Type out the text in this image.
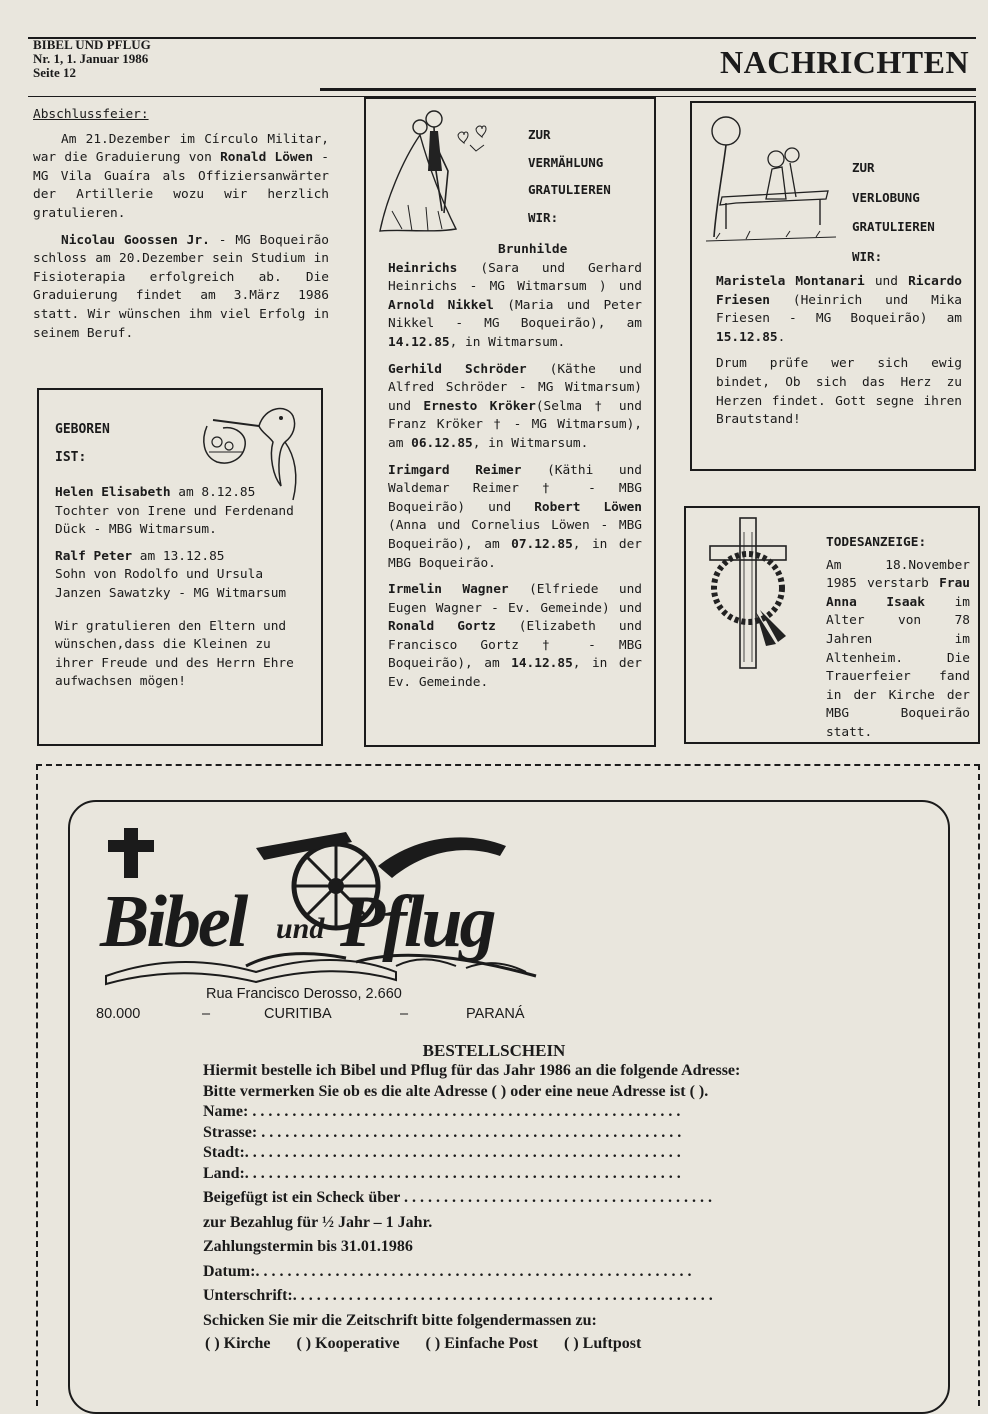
BIBEL UND PFLUG
Nr. 1, 1. Januar 1986
Seite 12	NACHRICHTEN

Abschlussfeier:

Am 21.Dezember im Círculo Militar, war die Graduierung von Ronald Löwen - MG Vila Guaíra als Offiziersanwärter der Artillerie wozu wir herzlich gratulieren.

Nicolau Goossen Jr. - MG Boqueirão schloss am 20.Dezember sein Studium in Fisioterapia erfolgreich ab. Die Graduierung findet am 3.März 1986 statt. Wir wünschen ihm viel Erfolg in seinem Beruf.

GEBOREN
IST:

Helen Elisabeth am 8.12.85
Tochter von Irene und Ferdenand Dück - MBG Witmarsum.

Ralf Peter am 13.12.85
Sohn von Rodolfo und Ursula Janzen Sawatzky - MG Witmarsum

Wir gratulieren den Eltern und wünschen,dass die Kleinen zu ihrer Freude und des Herrn Ehre aufwachsen mögen!

ZUR
VERMÄHLUNG
GRATULIEREN
WIR:

Brunhilde Heinrichs (Sara und Gerhard Heinrichs - MG Witmarsum ) und Arnold Nikkel (Maria und Peter Nikkel - MG Boqueirão), am 14.12.85, in Witmarsum.

Gerhild Schröder (Käthe und Alfred Schröder - MG Witmarsum) und Ernesto Kröker(Selma † und Franz Kröker † - MG Witmarsum), am 06.12.85, in Witmarsum.

Irimgard Reimer (Käthi und Waldemar Reimer † - MBG Boqueirão) und Robert Löwen (Anna und Cornelius Löwen - MBG Boqueirão), am 07.12.85, in der MBG Boqueirão.

Irmelin Wagner (Elfriede und Eugen Wagner - Ev. Gemeinde) und Ronald Gortz (Elizabeth und Francisco Gortz † - MBG Boqueirão), am 14.12.85, in der Ev. Gemeinde.

ZUR
VERLOBUNG
GRATULIEREN
WIR:

Maristela Montanari und Ricardo Friesen (Heinrich und Mika Friesen - MG Boqueirão) am 15.12.85.

Drum prüfe wer sich ewig bindet, Ob sich das Herz zu Herzen findet. Gott segne ihren Brautstand!

TODESANZEIGE:

Am 18.November 1985 verstarb Frau Anna Isaak im Alter von 78 Jahren im Altenheim. Die Trauerfeier fand in der Kirche der MBG Boqueirão statt.

Bibel und Pflug
Rua Francisco Derosso, 2.660
80.000	–	CURITIBA	–	PARANÁ
BESTELLSCHEIN
Hiermit bestelle ich Bibel und Pflug für das Jahr 1986 an die folgende Adresse:
Bitte vermerken Sie ob es die alte Adresse ( ) oder eine neue Adresse ist ( ).
Name: . . . . . . . . . . . . . . . . . . . . . . . . . . . . . . . . . . . . . . . . . . . . . . . . . . . . . .
Strasse: . . . . . . . . . . . . . . . . . . . . . . . . . . . . . . . . . . . . . . . . . . . . . . . . . . . . .
Stadt:. . . . . . . . . . . . . . . . . . . . . . . . . . . . . . . . . . . . . . . . . . . . . . . . . . . . . . .
Land:. . . . . . . . . . . . . . . . . . . . . . . . . . . . . . . . . . . . . . . . . . . . . . . . . . . . . . .
Beigefügt ist ein Scheck über . . . . . . . . . . . . . . . . . . . . . . . . . . . . . . . . . . . . . . .
zur Bezahlug für ½ Jahr – 1 Jahr.
Zahlungstermin bis 31.01.1986
Datum:. . . . . . . . . . . . . . . . . . . . . . . . . . . . . . . . . . . . . . . . . . . . . . . . . . . . . . .
Unterschrift:. . . . . . . . . . . . . . . . . . . . . . . . . . . . . . . . . . . . . . . . . . . . . . . . . . . . .
Schicken Sie mir die Zeitschrift bitte folgendermassen zu:
( ) Kirche ( ) Kooperative ( ) Einfache Post ( ) Luftpost
